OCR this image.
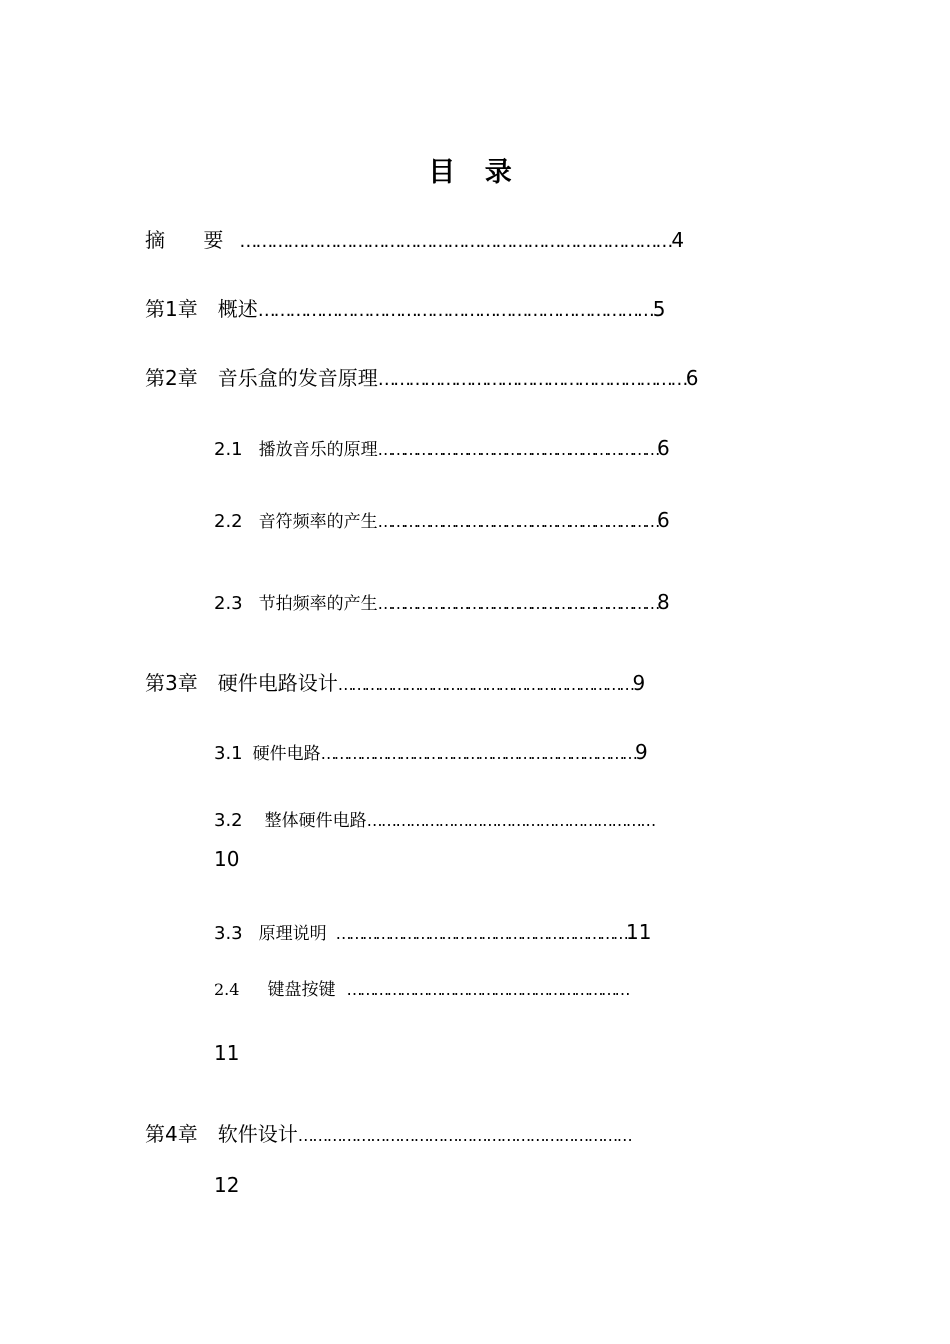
目 录
摘 要………………………………………………………………………4
第1章 概述…………………………………………………………………5
第2章 音乐盒的发音原理……………………………………………………6
2.1 播放音乐的原理…………………………………………………………6
2.2 音符频率的产生…………………………………………………………6
2.3 节拍频率的产生…………………………………………………………8
第3章 硬件电路设计…………………………………………………………9
3.1 硬件电路………………………………………………………………9
3.2 整体硬件电路……………………………………………………
10
3.3 原理说明 …………………………………………………………11
2.4 键盘按键 ………………………………………………………
11
第4章 软件设计……………………………………………………………
12
